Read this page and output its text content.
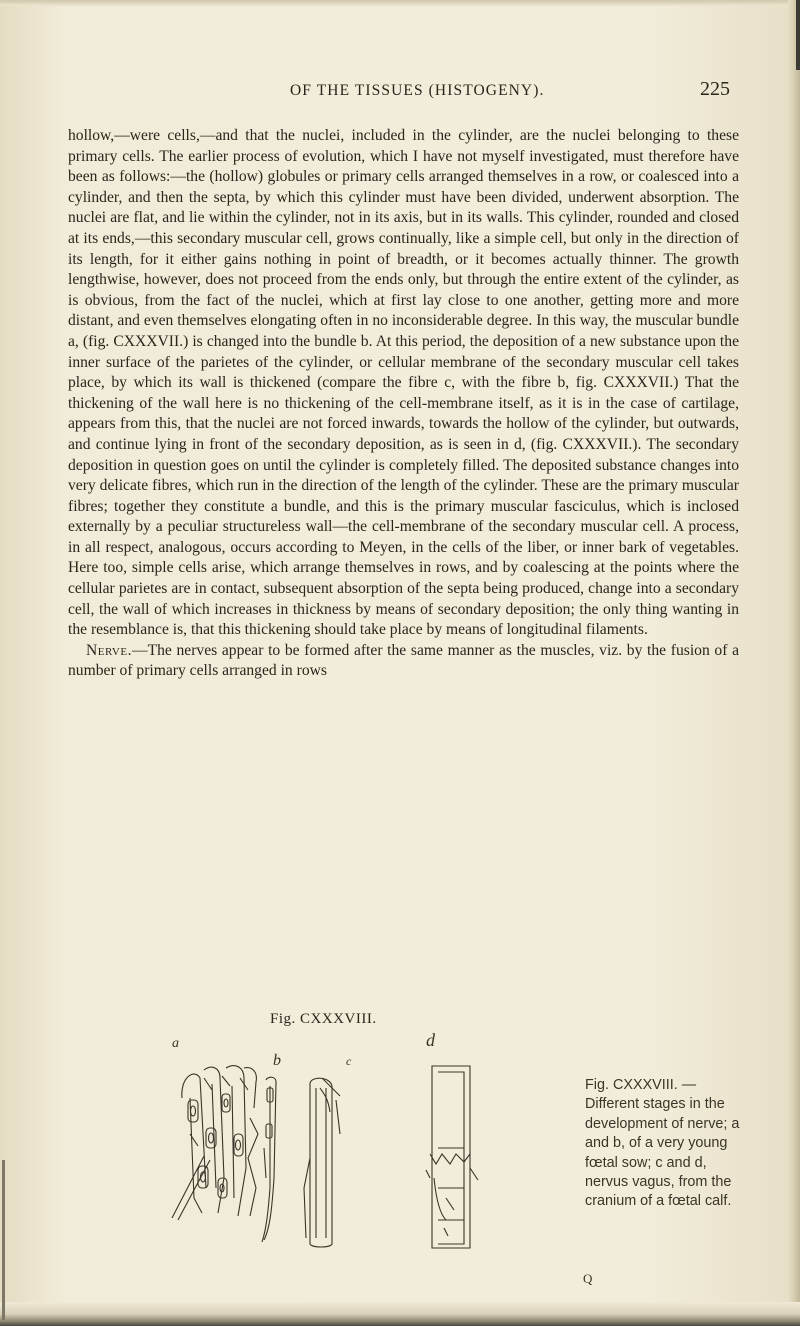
OF THE TISSUES (HISTOGENY).	225

hollow,—were cells,—and that the nuclei, included in the cylinder, are the nuclei belonging to these primary cells. The earlier process of evolution, which I have not myself investigated, must therefore have been as follows:—the (hollow) globules or primary cells arranged themselves in a row, or coalesced into a cylinder, and then the septa, by which this cylinder must have been divided, underwent absorption. The nuclei are flat, and lie within the cylinder, not in its axis, but in its walls. This cylinder, rounded and closed at its ends,—this secondary muscular cell, grows continually, like a simple cell, but only in the direction of its length, for it either gains nothing in point of breadth, or it becomes actually thinner. The growth lengthwise, however, does not proceed from the ends only, but through the entire extent of the cylinder, as is obvious, from the fact of the nuclei, which at first lay close to one another, getting more and more distant, and even themselves elongating often in no inconsiderable degree. In this way, the muscular bundle a, (fig. CXXXVII.) is changed into the bundle b. At this period, the deposition of a new substance upon the inner surface of the parietes of the cylinder, or cellular membrane of the secondary muscular cell takes place, by which its wall is thickened (compare the fibre c, with the fibre b, fig. CXXXVII.) That the thickening of the wall here is no thickening of the cell-membrane itself, as it is in the case of cartilage, appears from this, that the nuclei are not forced inwards, towards the hollow of the cylinder, but outwards, and continue lying in front of the secondary deposition, as is seen in d, (fig. CXXXVII.). The secondary deposition in question goes on until the cylinder is completely filled. The deposited substance changes into very delicate fibres, which run in the direction of the length of the cylinder. These are the primary muscular fibres; together they constitute a bundle, and this is the primary muscular fasciculus, which is inclosed externally by a peculiar structureless wall—the cell-membrane of the secondary muscular cell. A process, in all respect, analogous, occurs according to Meyen, in the cells of the liber, or inner bark of vegetables. Here too, simple cells arise, which arrange themselves in rows, and by coalescing at the points where the cellular parietes are in contact, subsequent absorption of the septa being produced, change into a secondary cell, the wall of which increases in thickness by means of secondary deposition; the only thing wanting in the resemblance is, that this thickening should take place by means of longitudinal filaments.

Nerve.—The nerves appear to be formed after the same manner as the muscles, viz. by the fusion of a number of primary cells arranged in rows

Fig. CXXXVIII.
a
b	c
d
Fig. CXXXVIII. — Different stages in the development of nerve; a and b, of a very young fœtal sow; c and d, nervus vagus, from the cranium of a fœtal calf.
Q
